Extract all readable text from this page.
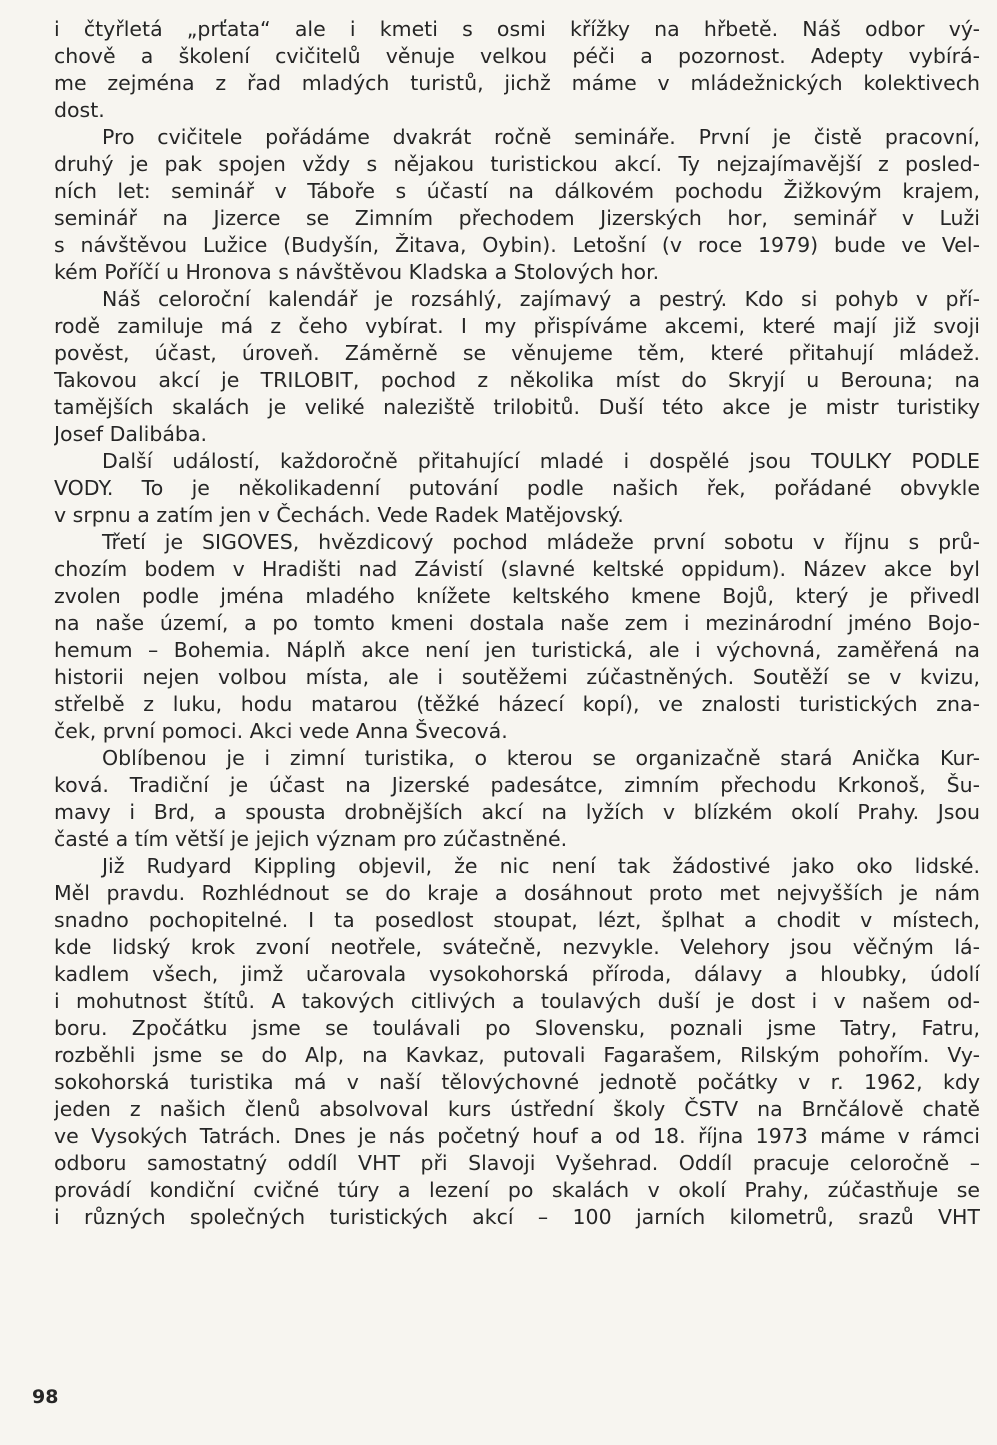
i čtyřletá „prťata“ ale i kmeti s osmi křížky na hřbetě. Náš odbor vý-
chově a školení cvičitelů věnuje velkou péči a pozornost. Adepty vybírá-
me zejména z řad mladých turistů, jichž máme v mládežnických kolektivech
dost.
Pro cvičitele pořádáme dvakrát ročně semináře. První je čistě pracovní,
druhý je pak spojen vždy s nějakou turistickou akcí. Ty nejzajímavější z posled-
ních let: seminář v Táboře s účastí na dálkovém pochodu Žižkovým krajem,
seminář na Jizerce se Zimním přechodem Jizerských hor, seminář v Luži
s návštěvou Lužice (Budyšín, Žitava, Oybin). Letošní (v roce 1979) bude ve Vel-
kém Poříčí u Hronova s návštěvou Kladska a Stolových hor.
Náš celoroční kalendář je rozsáhlý, zajímavý a pestrý. Kdo si pohyb v pří-
rodě zamiluje má z čeho vybírat. I my přispíváme akcemi, které mají již svoji
pověst, účast, úroveň. Záměrně se věnujeme těm, které přitahují mládež.
Takovou akcí je TRILOBIT, pochod z několika míst do Skryjí u Berouna; na
tamějších skalách je veliké naleziště trilobitů. Duší této akce je mistr turistiky
Josef Dalibába.
Další událostí, každoročně přitahující mladé i dospělé jsou TOULKY PODLE
VODY. To je několikadenní putování podle našich řek, pořádané obvykle
v srpnu a zatím jen v Čechách. Vede Radek Matějovský.
Třetí je SIGOVES, hvězdicový pochod mládeže první sobotu v říjnu s prů-
chozím bodem v Hradišti nad Závistí (slavné keltské oppidum). Název akce byl
zvolen podle jména mladého knížete keltského kmene Bojů, který je přivedl
na naše území, a po tomto kmeni dostala naše zem i mezinárodní jméno Bojo-
hemum – Bohemia. Náplň akce není jen turistická, ale i výchovná, zaměřená na
historii nejen volbou místa, ale i soutěžemi zúčastněných. Soutěží se v kvizu,
střelbě z luku, hodu matarou (těžké házecí kopí), ve znalosti turistických zna-
ček, první pomoci. Akci vede Anna Švecová.
Oblíbenou je i zimní turistika, o kterou se organizačně stará Anička Kur-
ková. Tradiční je účast na Jizerské padesátce, zimním přechodu Krkonoš, Šu-
mavy i Brd, a spousta drobnějších akcí na lyžích v blízkém okolí Prahy. Jsou
časté a tím větší je jejich význam pro zúčastněné.
Již Rudyard Kippling objevil, že nic není tak žádostivé jako oko lidské.
Měl pravdu. Rozhlédnout se do kraje a dosáhnout proto met nejvyšších je nám
snadno pochopitelné. I ta posedlost stoupat, lézt, šplhat a chodit v místech,
kde lidský krok zvoní neotřele, svátečně, nezvykle. Velehory jsou věčným lá-
kadlem všech, jimž učarovala vysokohorská příroda, dálavy a hloubky, údolí
i mohutnost štítů. A takových citlivých a toulavých duší je dost i v našem od-
boru. Zpočátku jsme se toulávali po Slovensku, poznali jsme Tatry, Fatru,
rozběhli jsme se do Alp, na Kavkaz, putovali Fagarašem, Rilským pohořím. Vy-
sokohorská turistika má v naší tělovýchovné jednotě počátky v r. 1962, kdy
jeden z našich členů absolvoval kurs ústřední školy ČSTV na Brnčálově chatě
ve Vysokých Tatrách. Dnes je nás početný houf a od 18. října 1973 máme v rámci
odboru samostatný oddíl VHT při Slavoji Vyšehrad. Oddíl pracuje celoročně –
provádí kondiční cvičné túry a lezení po skalách v okolí Prahy, zúčastňuje se
i různých společných turistických akcí – 100 jarních kilometrů, srazů VHT
98
